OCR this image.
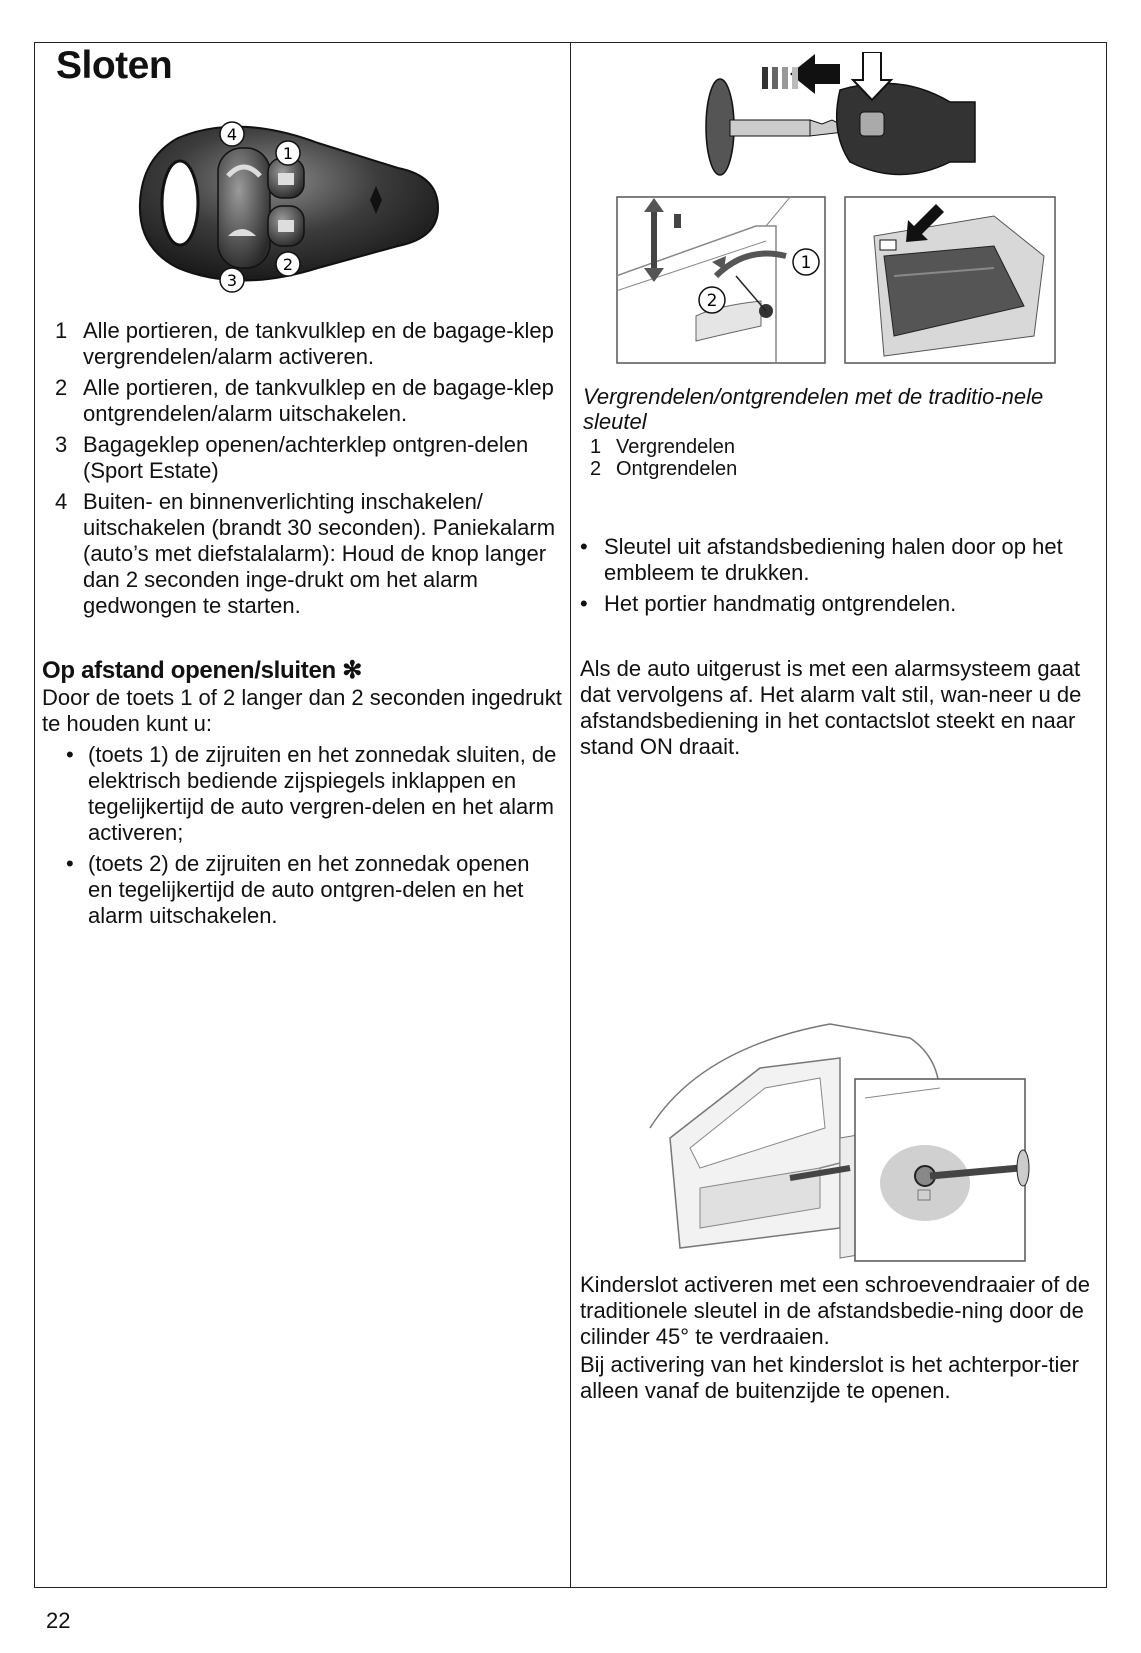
Sloten
4
1
3
2
1 Alle portieren, de tankvulklep en de bagage-klep vergrendelen/alarm activeren.
2 Alle portieren, de tankvulklep en de bagage-klep ontgrendelen/alarm uitschakelen.
3 Bagageklep openen/achterklep ontgren-delen (Sport Estate)
4 Buiten- en binnenverlichting inschakelen/ uitschakelen (brandt 30 seconden). Paniekalarm (auto’s met diefstalalarm): Houd de knop langer dan 2 seconden inge-drukt om het alarm gedwongen te starten.
Op afstand openen/sluiten ✻
Door de toets 1 of 2 langer dan 2 seconden ingedrukt te houden kunt u:
• (toets 1) de zijruiten en het zonnedak sluiten, de elektrisch bediende zijspiegels inklappen en tegelijkertijd de auto vergren-delen en het alarm activeren;
• (toets 2) de zijruiten en het zonnedak openen en tegelijkertijd de auto ontgren-delen en het alarm uitschakelen.
1
2
Vergrendelen/ontgrendelen met de traditio-nele sleutel
1 Vergrendelen
2 Ontgrendelen
• Sleutel uit afstandsbediening halen door op het embleem te drukken.
• Het portier handmatig ontgrendelen.
Als de auto uitgerust is met een alarmsysteem gaat dat vervolgens af. Het alarm valt stil, wan-neer u de afstandsbediening in het contactslot steekt en naar stand ON draait.
Kinderslot activeren met een schroevendraaier of de traditionele sleutel in de afstandsbedie-ning door de cilinder 45° te verdraaien.
Bij activering van het kinderslot is het achterpor-tier alleen vanaf de buitenzijde te openen.
22
